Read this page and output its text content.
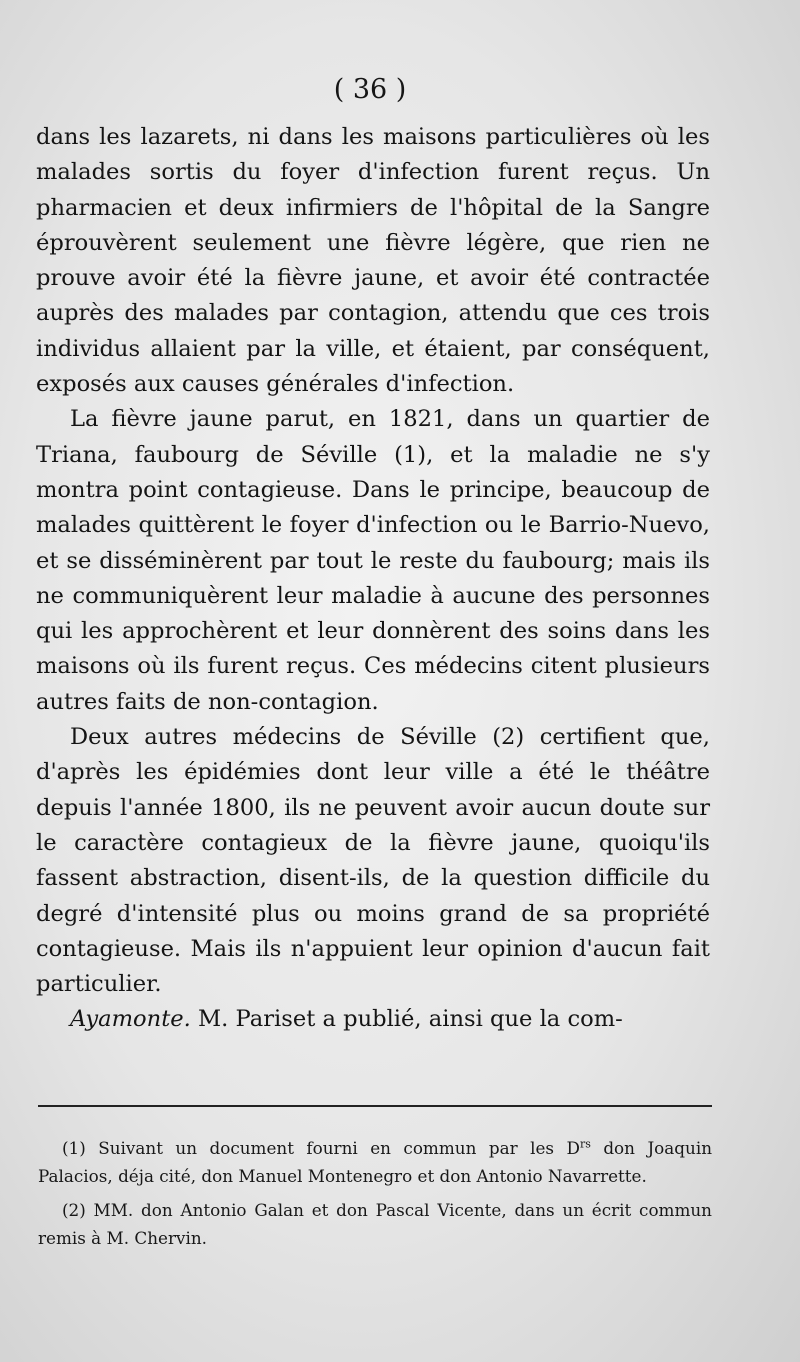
( 36 )

dans les lazarets, ni dans les maisons particulières où les malades sortis du foyer d'infection furent reçus. Un pharmacien et deux infirmiers de l'hôpital de la Sangre éprouvèrent seulement une fièvre légère, que rien ne prouve avoir été la fièvre jaune, et avoir été contractée auprès des malades par contagion, attendu que ces trois individus allaient par la ville, et étaient, par conséquent, exposés aux causes générales d'infection.

La fièvre jaune parut, en 1821, dans un quartier de Triana, faubourg de Séville (1), et la maladie ne s'y montra point contagieuse. Dans le principe, beaucoup de malades quittèrent le foyer d'infection ou le Barrio-Nuevo, et se disséminèrent par tout le reste du faubourg; mais ils ne communiquèrent leur maladie à aucune des personnes qui les approchèrent et leur donnèrent des soins dans les maisons où ils furent reçus. Ces médecins citent plusieurs autres faits de non-contagion.

Deux autres médecins de Séville (2) certifient que, d'après les épidémies dont leur ville a été le théâtre depuis l'année 1800, ils ne peuvent avoir aucun doute sur le caractère contagieux de la fièvre jaune, quoiqu'ils fassent abstraction, disent-ils, de la question difficile du degré d'intensité plus ou moins grand de sa propriété contagieuse. Mais ils n'appuient leur opinion d'aucun fait particulier.

Ayamonte. M. Pariset a publié, ainsi que la com-

(1) Suivant un document fourni en commun par les $D^{rs}$ don Joaquin Palacios, déja cité, don Manuel Montenegro et don Antonio Navarrette.

(2) MM. don Antonio Galan et don Pascal Vicente, dans un écrit commun remis à M. Chervin.
